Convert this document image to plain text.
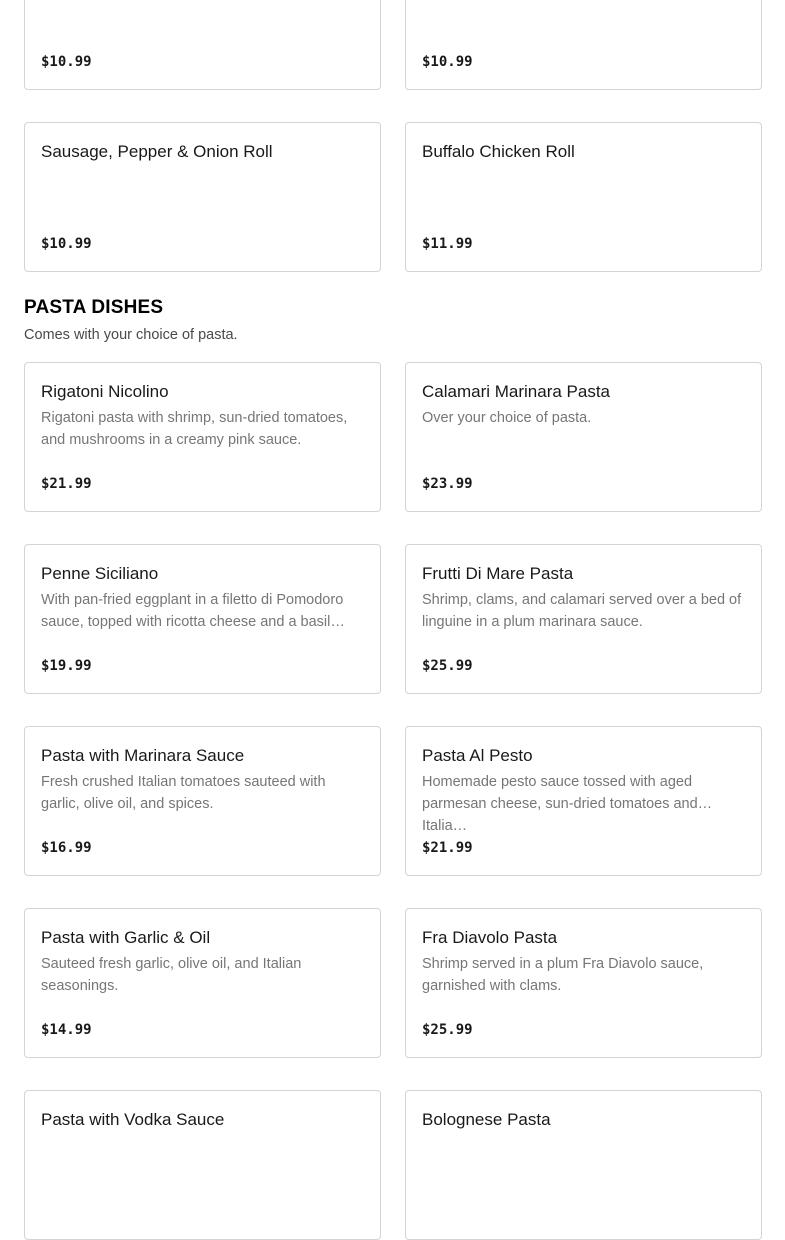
$10.99	$10.99
Sausage, Pepper & Onion Roll
$10.99
Buffalo Chicken Roll
$11.99
PASTA DISHES

Comes with your choice of pasta.

Rigatoni Nicolino
Rigatoni pasta with shrimp, sun-dried tomatoes, and mushrooms in a creamy pink sauce.
$21.99
Calamari Marinara Pasta
Over your choice of pasta.
$23.99
Penne Siciliano
With pan-fried eggplant in a filetto di Pomodoro sauce, topped with ricotta cheese and a basil…
$19.99
Frutti Di Mare Pasta
Shrimp, clams, and calamari served over a bed of linguine in a plum marinara sauce.
$25.99
Pasta with Marinara Sauce
Fresh crushed Italian tomatoes sauteed with garlic, olive oil, and spices.
$16.99
Pasta Al Pesto
Homemade pesto sauce tossed with aged parmesan cheese, sun-dried tomatoes and Italia…
$21.99
Pasta with Garlic & Oil
Sauteed fresh garlic, olive oil, and Italian seasonings.
$14.99
Fra Diavolo Pasta
Shrimp served in a plum Fra Diavolo sauce, garnished with clams.
$25.99
Pasta with Vodka Sauce	Bolognese Pasta
